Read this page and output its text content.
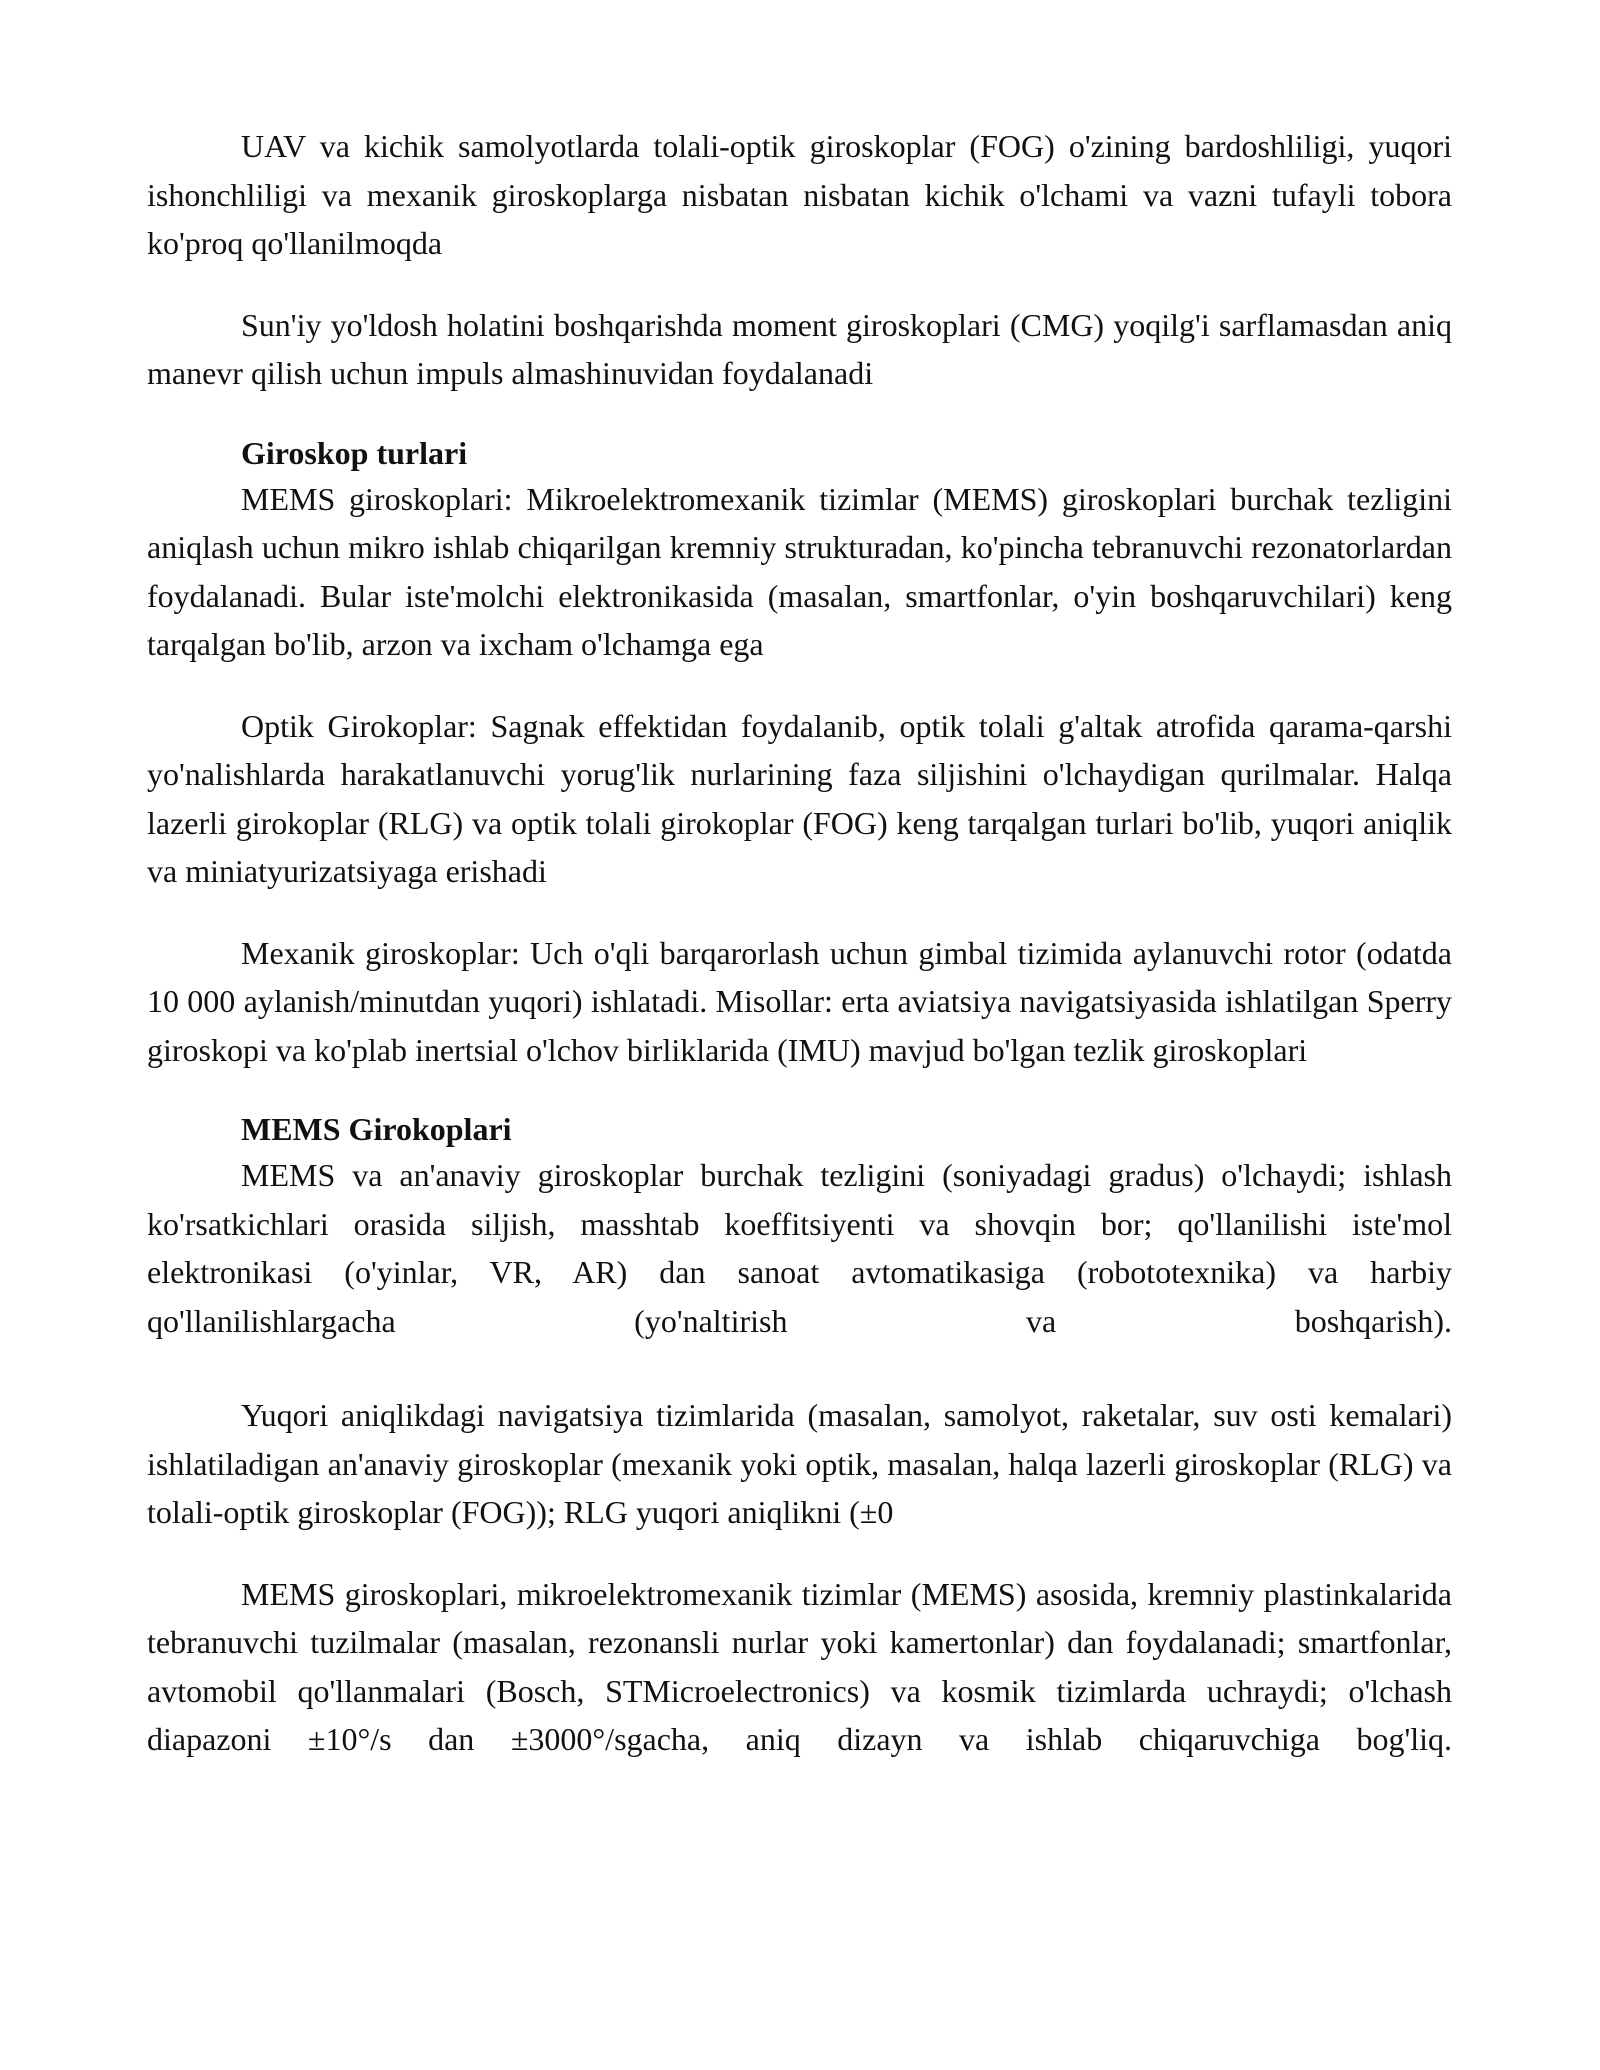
UAV va kichik samolyotlarda tolali-optik giroskoplar (FOG) o'zining bardoshliligi, yuqori ishonchliligi va mexanik giroskoplarga nisbatan nisbatan kichik o'lchami va vazni tufayli tobora ko'proq qo'llanilmoqda

Sun'iy yo'ldosh holatini boshqarishda moment giroskoplari (CMG) yoqilg'i sarflamasdan aniq manevr qilish uchun impuls almashinuvidan foydalanadi

Giroskop turlari

MEMS giroskoplari: Mikroelektromexanik tizimlar (MEMS) giroskoplari burchak tezligini aniqlash uchun mikro ishlab chiqarilgan kremniy strukturadan, ko'pincha tebranuvchi rezonatorlardan foydalanadi. Bular iste'molchi elektronikasida (masalan, smartfonlar, o'yin boshqaruvchilari) keng tarqalgan bo'lib, arzon va ixcham o'lchamga ega

Optik Girokoplar: Sagnak effektidan foydalanib, optik tolali g'altak atrofida qarama-qarshi yo'nalishlarda harakatlanuvchi yorug'lik nurlarining faza siljishini o'lchaydigan qurilmalar. Halqa lazerli girokoplar (RLG) va optik tolali girokoplar (FOG) keng tarqalgan turlari bo'lib, yuqori aniqlik va miniatyurizatsiyaga erishadi

Mexanik giroskoplar: Uch o'qli barqarorlash uchun gimbal tizimida aylanuvchi rotor (odatda 10 000 aylanish/minutdan yuqori) ishlatadi. Misollar: erta aviatsiya navigatsiyasida ishlatilgan Sperry giroskopi va ko'plab inertsial o'lchov birliklarida (IMU) mavjud bo'lgan tezlik giroskoplari

MEMS Girokoplari

MEMS va an'anaviy giroskoplar burchak tezligini (soniyadagi gradus) o'lchaydi; ishlash ko'rsatkichlari orasida siljish, masshtab koeffitsiyenti va shovqin bor; qo'llanilishi iste'mol elektronikasi (o'yinlar, VR, AR) dan sanoat avtomatikasiga (robototexnika) va harbiy qo'llanilishlargacha (yo'naltirish va boshqarish).

Yuqori aniqlikdagi navigatsiya tizimlarida (masalan, samolyot, raketalar, suv osti kemalari) ishlatiladigan an'anaviy giroskoplar (mexanik yoki optik, masalan, halqa lazerli giroskoplar (RLG) va tolali-optik giroskoplar (FOG)); RLG yuqori aniqlikni (±0

MEMS giroskoplari, mikroelektromexanik tizimlar (MEMS) asosida, kremniy plastinkalarida tebranuvchi tuzilmalar (masalan, rezonansli nurlar yoki kamertonlar) dan foydalanadi; smartfonlar, avtomobil qo'llanmalari (Bosch, STMicroelectronics) va kosmik tizimlarda uchraydi; o'lchash diapazoni ±10°/s dan ±3000°/sgacha, aniq dizayn va ishlab chiqaruvchiga bog'liq.
